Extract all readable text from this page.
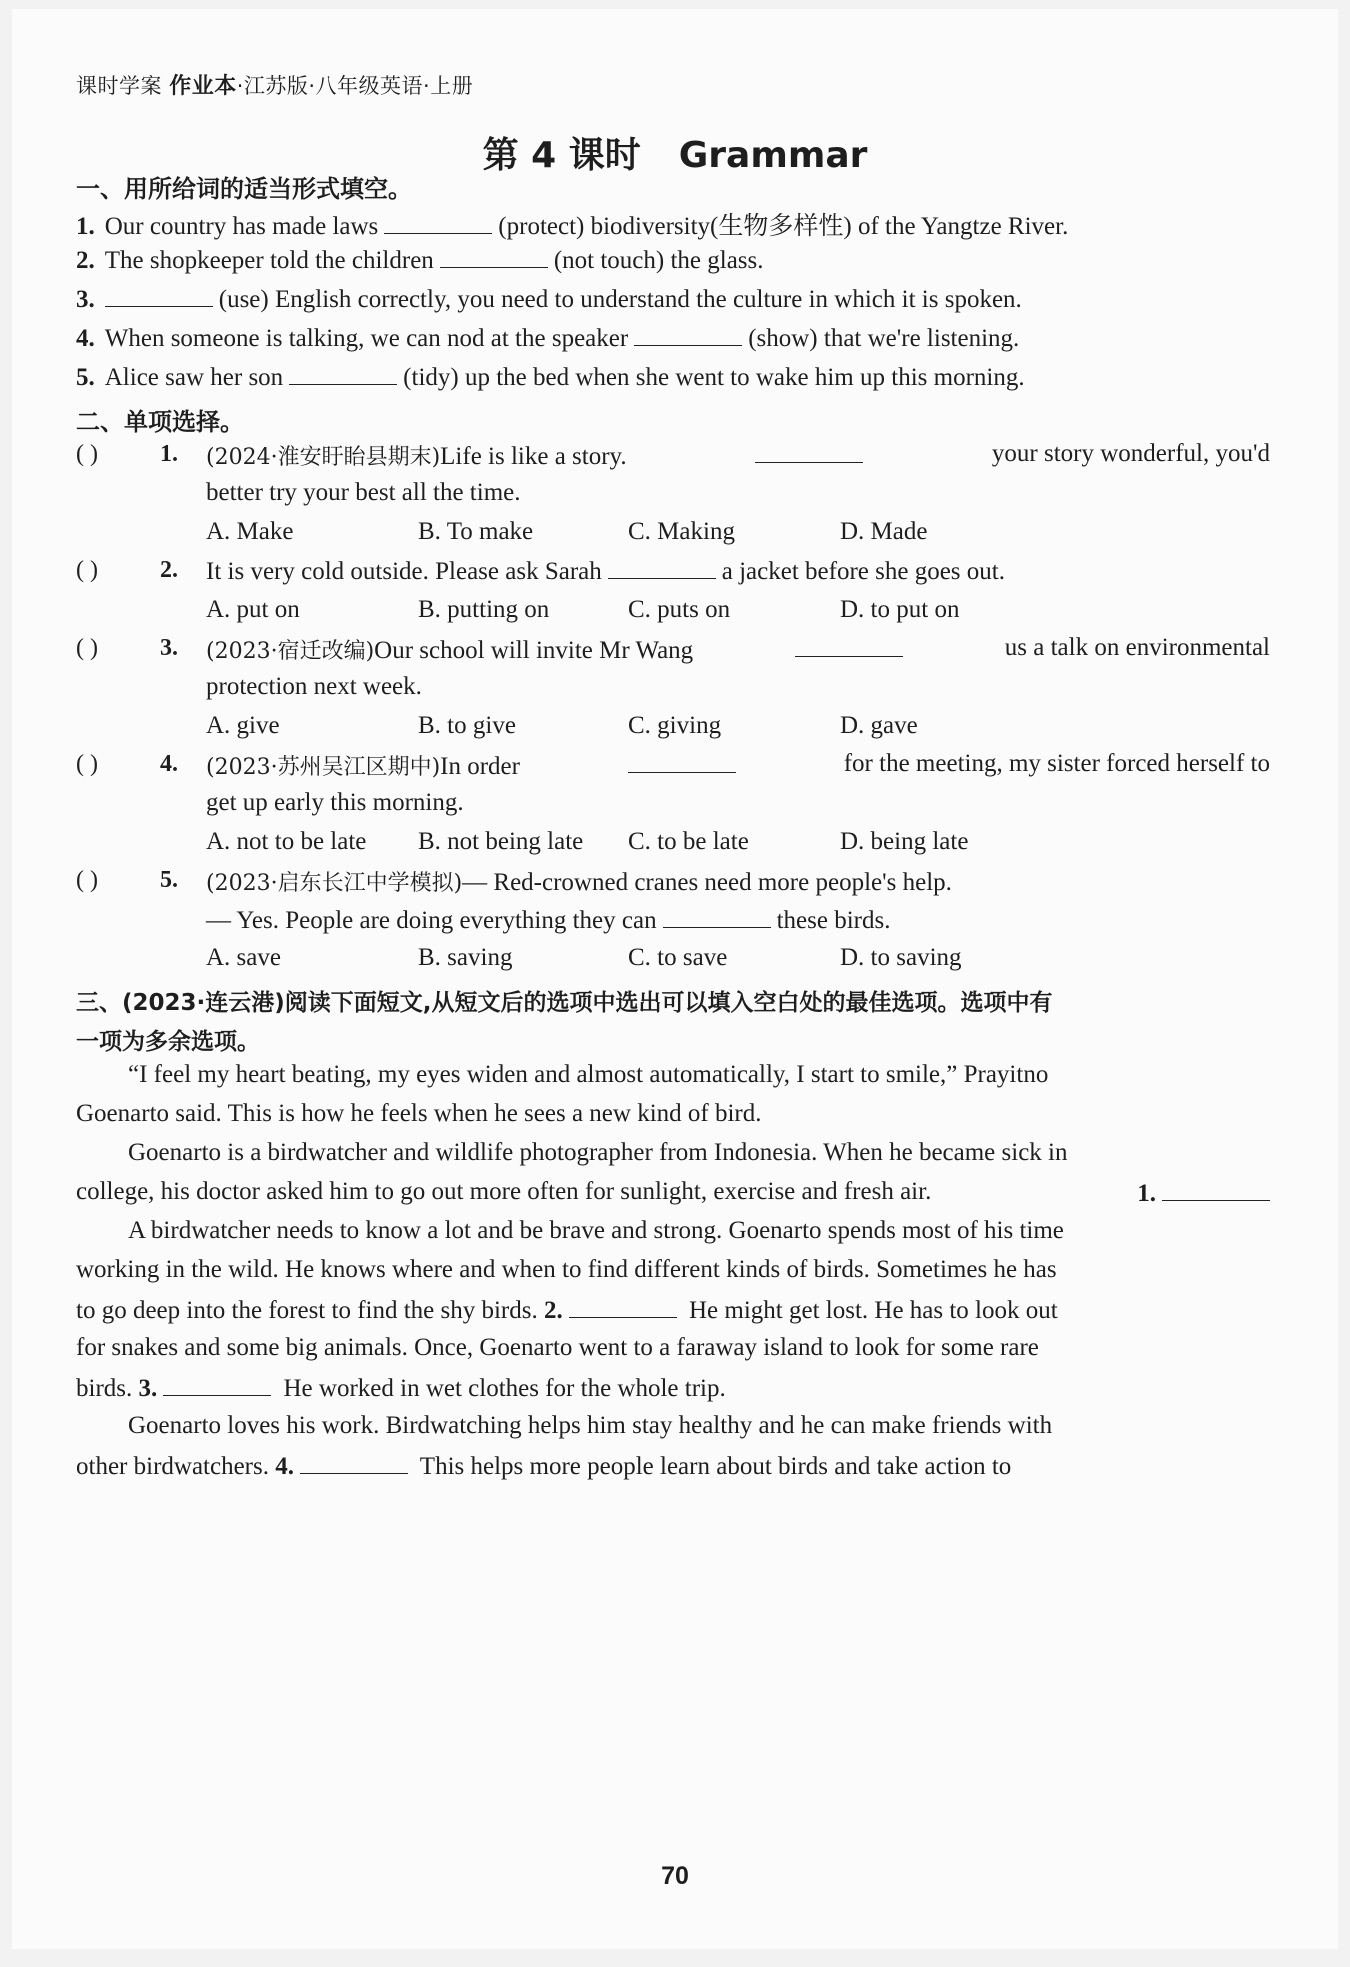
课时学案 作业本·江苏版·八年级英语·上册
第 4 课时 Grammar
一、用所给词的适当形式填空。
1. Our country has made laws	(protect) biodiversity(生物多样性) of the Yangtze River.
2. The shopkeeper told the children	(not touch) the glass.
3.	(use) English correctly, you need to understand the culture in which it is spoken.
4. When someone is talking, we can nod at the speaker	(show) that we're listening.
5. Alice saw her son	(tidy) up the bed when she went to wake him up this morning.
二、单项选择。
( )	1. (2024·淮安盱眙县期末)Life is like a story.	your story wonderful, you'd
better try your best all the time.
A. Make	B. To make	C. Making	D. Made
( )	2. It is very cold outside. Please ask Sarah	a jacket before she goes out.
A. put on	B. putting on	C. puts on	D. to put on
( )	3. (2023·宿迁改编)Our school will invite Mr Wang	us a talk on environmental
protection next week.
A. give	B. to give	C. giving	D. gave
( )	4. (2023·苏州吴江区期中)In order	for the meeting, my sister forced herself to
get up early this morning.
A. not to be late B. not being late C. to be late	D. being late
( )	5. (2023·启东长江中学模拟)— Red-crowned cranes need more people's help.
— Yes. People are doing everything they can	these birds.
A. save	B. saving	C. to save	D. to saving
三、(2023·连云港)阅读下面短文,从短文后的选项中选出可以填入空白处的最佳选项。选项中有
一项为多余选项。
“I feel my heart beating, my eyes widen and almost automatically, I start to smile,” Prayitno
Goenarto said. This is how he feels when he sees a new kind of bird.
Goenarto is a birdwatcher and wildlife photographer from Indonesia. When he became sick in
college, his doctor asked him to go out more often for sunlight, exercise and fresh air.	1.
A birdwatcher needs to know a lot and be brave and strong. Goenarto spends most of his time
working in the wild. He knows where and when to find different kinds of birds. Sometimes he has
to go deep into the forest to find the shy birds. 2.	He might get lost. He has to look out
for snakes and some big animals. Once, Goenarto went to a faraway island to look for some rare
birds. 3.	He worked in wet clothes for the whole trip.
Goenarto loves his work. Birdwatching helps him stay healthy and he can make friends with
other birdwatchers. 4.	This helps more people learn about birds and take action to
70
